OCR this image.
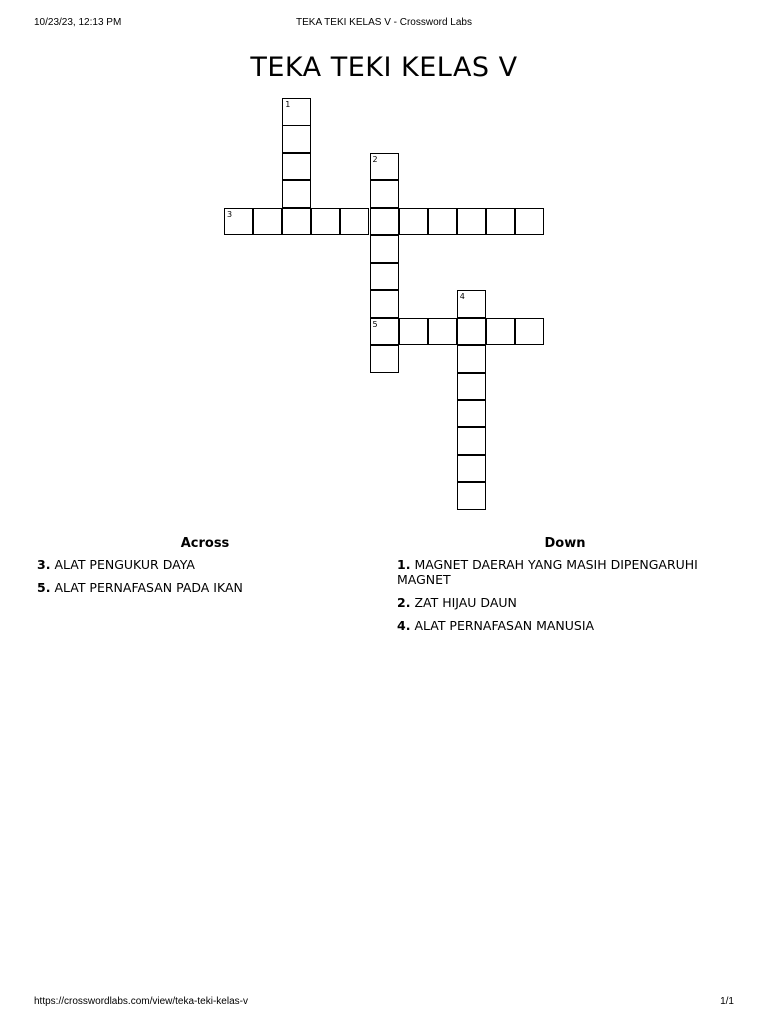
10/23/23, 12:13 PM	TEKA TEKI KELAS V - Crossword Labs
TEKA TEKI KELAS V
1
2
5
3
4
Across
3. ALAT PENGUKUR DAYA
5. ALAT PERNAFASAN PADA IKAN
Down
1. MAGNET DAERAH YANG MASIH DIPENGARUHI MAGNET
2. ZAT HIJAU DAUN
4. ALAT PERNAFASAN MANUSIA
https://crosswordlabs.com/view/teka-teki-kelas-v	1/1
